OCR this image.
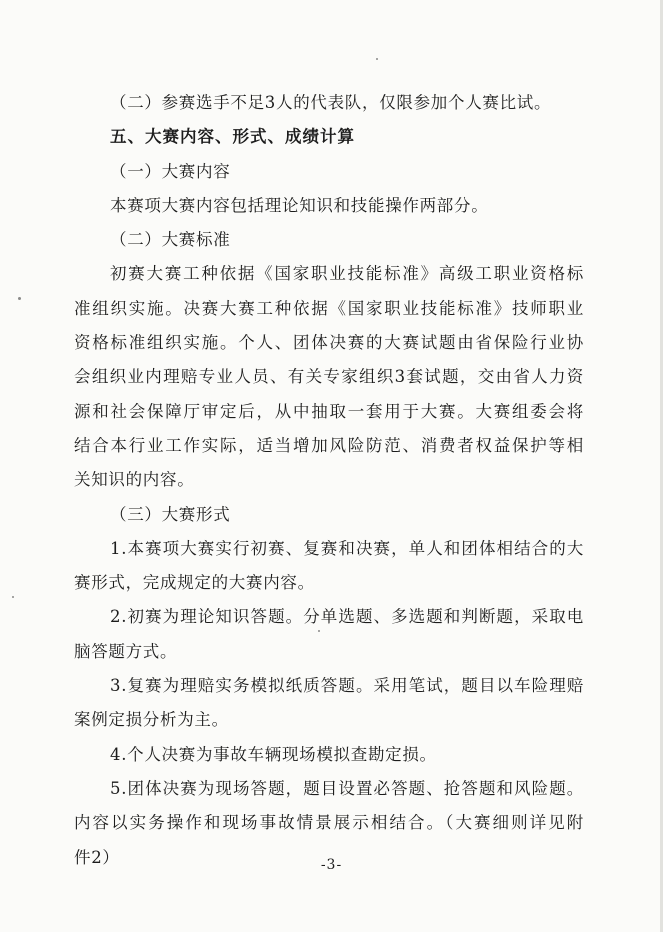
（二）参赛选手不足3人的代表队，仅限参加个人赛比试。
五、大赛内容、形式、成绩计算
（一）大赛内容
本赛项大赛内容包括理论知识和技能操作两部分。
（二）大赛标准
初赛大赛工种依据《国家职业技能标准》高级工职业资格标
准组织实施。决赛大赛工种依据《国家职业技能标准》技师职业
资格标准组织实施。个人、团体决赛的大赛试题由省保险行业协
会组织业内理赔专业人员、有关专家组织3套试题，交由省人力资
源和社会保障厅审定后，从中抽取一套用于大赛。大赛组委会将
结合本行业工作实际，适当增加风险防范、消费者权益保护等相
关知识的内容。
（三）大赛形式
1.本赛项大赛实行初赛、复赛和决赛，单人和团体相结合的大
赛形式，完成规定的大赛内容。
2.初赛为理论知识答题。分单选题、多选题和判断题，采取电
脑答题方式。
3.复赛为理赔实务模拟纸质答题。采用笔试，题目以车险理赔
案例定损分析为主。
4.个人决赛为事故车辆现场模拟查勘定损。
5.团体决赛为现场答题，题目设置必答题、抢答题和风险题。
内容以实务操作和现场事故情景展示相结合。（大赛细则详见附
件2）	-3-
